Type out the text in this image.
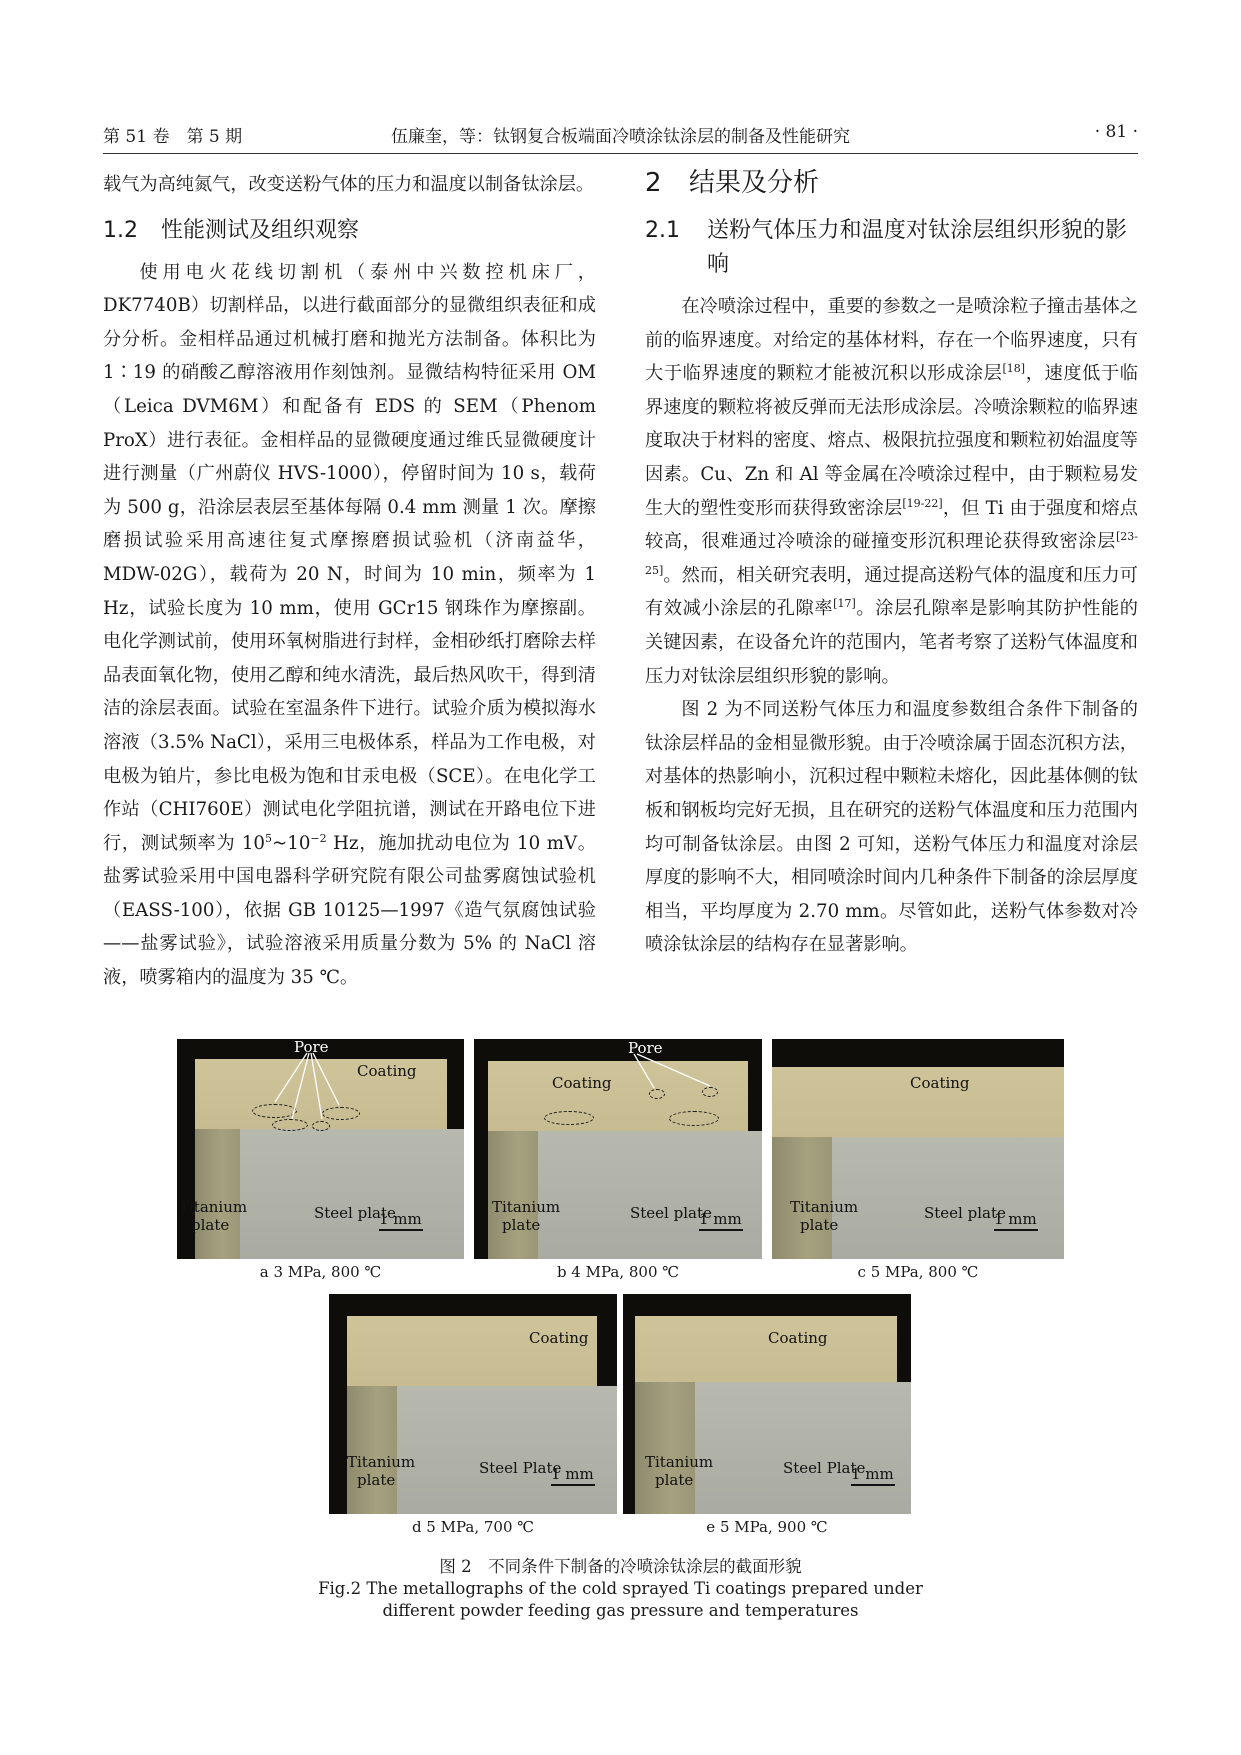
第 51 卷　第 5 期	伍廉奎，等：钛钢复合板端面冷喷涂钛涂层的制备及性能研究	· 81 ·

载气为高纯氮气，改变送粉气体的压力和温度以制备钛涂层。

1.2 性能测试及组织观察

使用电火花线切割机（泰州中兴数控机床厂，DK7740B）切割样品，以进行截面部分的显微组织表征和成分分析。金相样品通过机械打磨和抛光方法制备。体积比为 1∶19 的硝酸乙醇溶液用作刻蚀剂。显微结构特征采用 OM（Leica DVM6M）和配备有 EDS 的 SEM（Phenom ProX）进行表征。金相样品的显微硬度通过维氏显微硬度计进行测量（广州蔚仪 HVS-1000），停留时间为 10 s，载荷为 500 g，沿涂层表层至基体每隔 0.4 mm 测量 1 次。摩擦磨损试验采用高速往复式摩擦磨损试验机（济南益华，MDW-02G），载荷为 20 N，时间为 10 min，频率为 1 Hz，试验长度为 10 mm，使用 GCr15 钢珠作为摩擦副。电化学测试前，使用环氧树脂进行封样，金相砂纸打磨除去样品表面氧化物，使用乙醇和纯水清洗，最后热风吹干，得到清洁的涂层表面。试验在室温条件下进行。试验介质为模拟海水溶液（3.5% NaCl），采用三电极体系，样品为工作电极，对电极为铂片，参比电极为饱和甘汞电极（SCE）。在电化学工作站（CHI760E）测试电化学阻抗谱，测试在开路电位下进行，测试频率为 $10^5\sim 10^{-2}$ Hz，施加扰动电位为 10 mV。盐雾试验采用中国电器科学研究院有限公司盐雾腐蚀试验机（EASS-100），依据 GB 10125—1997《造气氛腐蚀试验——盐雾试验》，试验溶液采用质量分数为 5% 的 NaCl 溶液，喷雾箱内的温度为 35 ℃。

2 结果及分析
2.1 送粉气体压力和温度对钛涂层组织形貌的影响

在冷喷涂过程中，重要的参数之一是喷涂粒子撞击基体之前的临界速度。对给定的基体材料，存在一个临界速度，只有大于临界速度的颗粒才能被沉积以形成涂层[18]，速度低于临界速度的颗粒将被反弹而无法形成涂层。冷喷涂颗粒的临界速度取决于材料的密度、熔点、极限抗拉强度和颗粒初始温度等因素。Cu、Zn 和 Al 等金属在冷喷涂过程中，由于颗粒易发生大的塑性变形而获得致密涂层[19-22]，但 Ti 由于强度和熔点较高，很难通过冷喷涂的碰撞变形沉积理论获得致密涂层[23-25]。然而，相关研究表明，通过提高送粉气体的温度和压力可有效减小涂层的孔隙率[17]。涂层孔隙率是影响其防护性能的关键因素，在设备允许的范围内，笔者考察了送粉气体温度和压力对钛涂层组织形貌的影响。

图 2 为不同送粉气体压力和温度参数组合条件下制备的钛涂层样品的金相显微形貌。由于冷喷涂属于固态沉积方法，对基体的热影响小，沉积过程中颗粒未熔化，因此基体侧的钛板和钢板均完好无损，且在研究的送粉气体温度和压力范围内均可制备钛涂层。由图 2 可知，送粉气体压力和温度对涂层厚度的影响不大，相同喷涂时间内几种条件下制备的涂层厚度相当，平均厚度为 2.70 mm。尽管如此，送粉气体参数对冷喷涂钛涂层的结构存在显著影响。

Pore
Coating
Titanium
plate
Steel plate
1 mm
a 3 MPa, 800 ℃
Pore
Coating
Titanium
plate
Steel plate
1 mm
b 4 MPa, 800 ℃
Coating
Titanium
plate
Steel plate
1 mm
c 5 MPa, 800 ℃
Coating
Titanium
plate
Steel Plate
1 mm
d 5 MPa, 700 ℃
Coating
Titanium
plate
Steel Plate
1 mm
e 5 MPa, 900 ℃
图 2　不同条件下制备的冷喷涂钛涂层的截面形貌
Fig.2 The metallographs of the cold sprayed Ti coatings prepared under
different powder feeding gas pressure and temperatures
